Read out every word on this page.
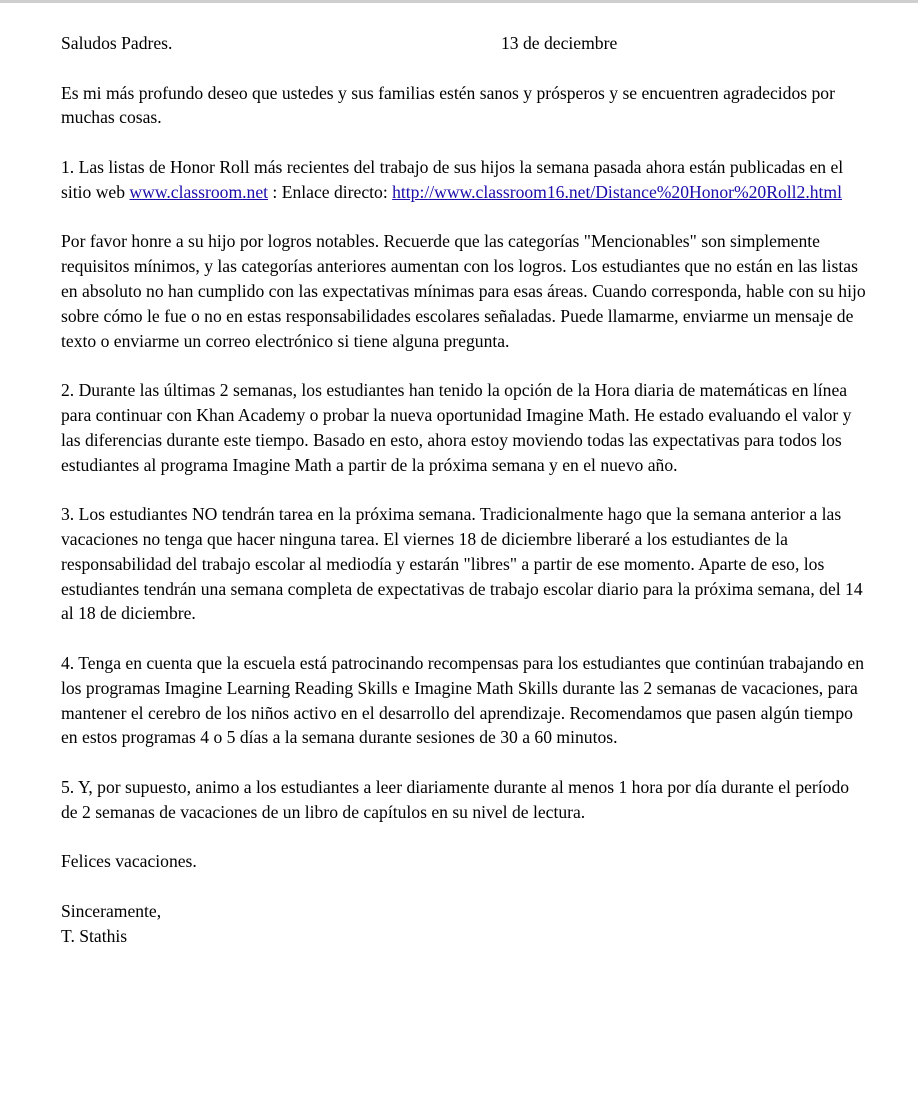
Saludos Padres.	13 de deciembre

Es mi más profundo deseo que ustedes y sus familias estén sanos y prósperos y se encuentren agradecidos por muchas cosas.

1. Las listas de Honor Roll más recientes del trabajo de sus hijos la semana pasada ahora están publicadas en el sitio web www.classroom.net : Enlace directo: http://www.classroom16.net/Distance%20Honor%20Roll2.html

Por favor honre a su hijo por logros notables. Recuerde que las categorías "Mencionables" son simplemente requisitos mínimos, y las categorías anteriores aumentan con los logros. Los estudiantes que no están en las listas en absoluto no han cumplido con las expectativas mínimas para esas áreas. Cuando corresponda, hable con su hijo sobre cómo le fue o no en estas responsabilidades escolares señaladas. Puede llamarme, enviarme un mensaje de texto o enviarme un correo electrónico si tiene alguna pregunta.

2. Durante las últimas 2 semanas, los estudiantes han tenido la opción de la Hora diaria de matemáticas en línea para continuar con Khan Academy o probar la nueva oportunidad Imagine Math. He estado evaluando el valor y las diferencias durante este tiempo. Basado en esto, ahora estoy moviendo todas las expectativas para todos los estudiantes al programa Imagine Math a partir de la próxima semana y en el nuevo año.

3. Los estudiantes NO tendrán tarea en la próxima semana. Tradicionalmente hago que la semana anterior a las vacaciones no tenga que hacer ninguna tarea. El viernes 18 de diciembre liberaré a los estudiantes de la responsabilidad del trabajo escolar al mediodía y estarán "libres" a partir de ese momento. Aparte de eso, los estudiantes tendrán una semana completa de expectativas de trabajo escolar diario para la próxima semana, del 14 al 18 de diciembre.

4. Tenga en cuenta que la escuela está patrocinando recompensas para los estudiantes que continúan trabajando en los programas Imagine Learning Reading Skills e Imagine Math Skills durante las 2 semanas de vacaciones, para mantener el cerebro de los niños activo en el desarrollo del aprendizaje. Recomendamos que pasen algún tiempo en estos programas 4 o 5 días a la semana durante sesiones de 30 a 60 minutos.

5. Y, por supuesto, animo a los estudiantes a leer diariamente durante al menos 1 hora por día durante el período de 2 semanas de vacaciones de un libro de capítulos en su nivel de lectura.

Felices vacaciones.

Sinceramente,

T. Stathis
